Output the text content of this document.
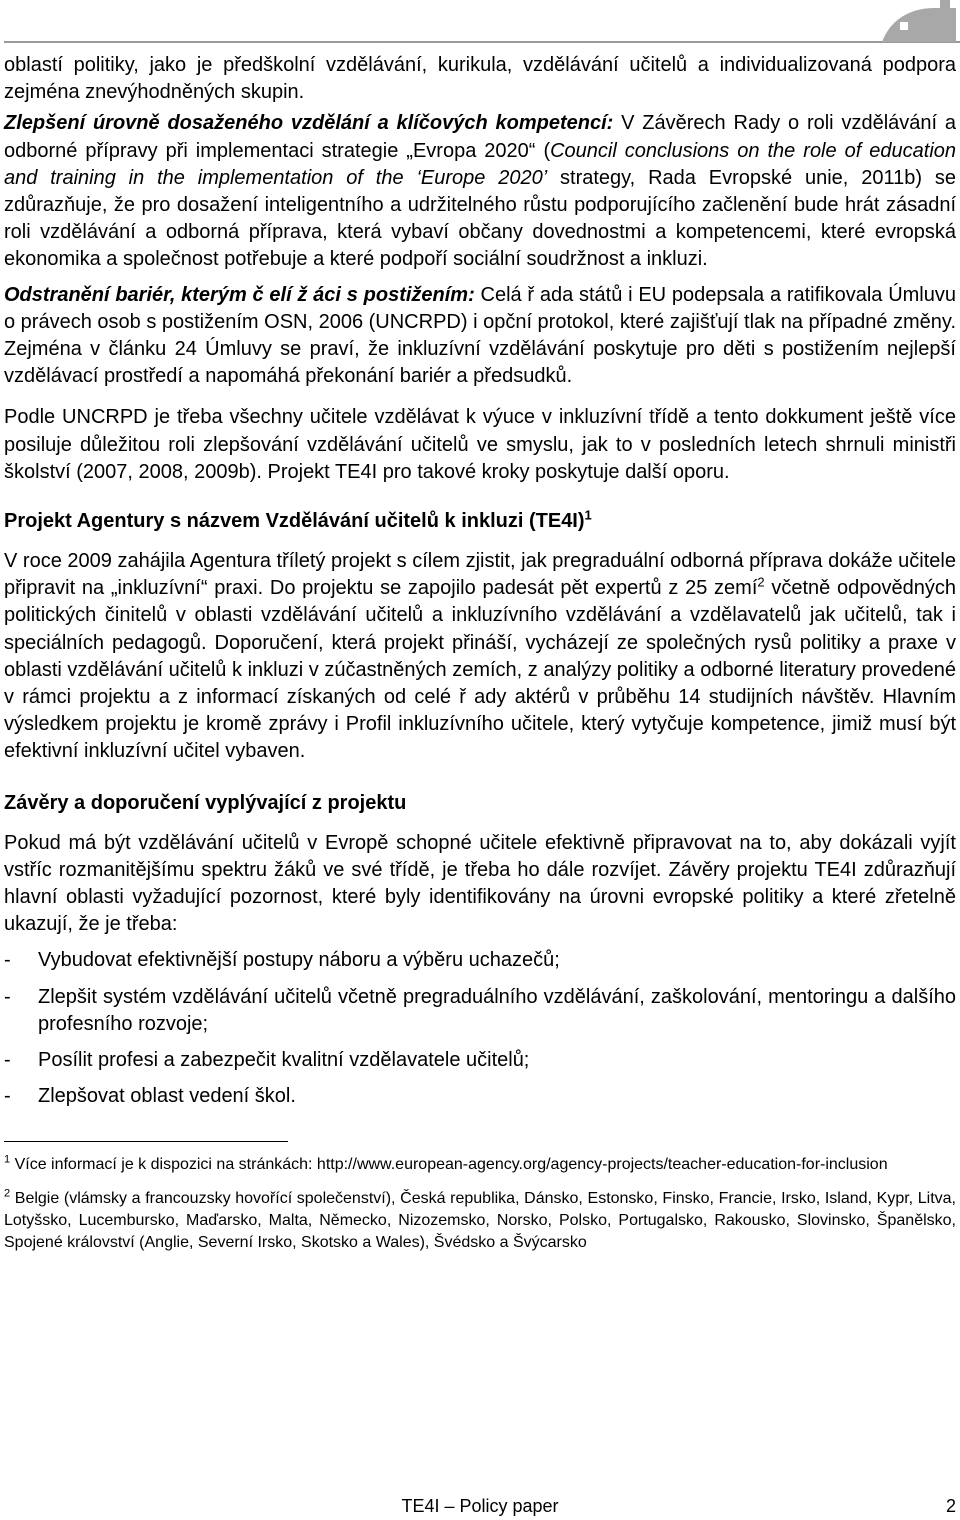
oblastí politiky, jako je předškolní vzdělávání, kurikula, vzdělávání učitelů a individualizovaná podpora zejména znevýhodněných skupin.

Zlepšení úrovně dosaženého vzdělání a klíčových kompetencí: V Závěrech Rady o roli vzdělávání a odborné přípravy při implementaci strategie „Evropa 2020“ (Council conclusions on the role of education and training in the implementation of the ‘Europe 2020’ strategy, Rada Evropské unie, 2011b) se zdůrazňuje, že pro dosažení inteligentního a udržitelného růstu podporujícího začlenění bude hrát zásadní roli vzdělávání a odborná příprava, která vybaví občany dovednostmi a kompetencemi, které evropská ekonomika a společnost potřebuje a které podpoří sociální soudržnost a inkluzi.

Odstranění bariér, kterým č elí ž áci s postižením: Celá ř ada států i EU podepsala a ratifikovala Úmluvu o právech osob s postižením OSN, 2006 (UNCRPD) i opční protokol, které zajišťují tlak na případné změny. Zejména v článku 24 Úmluvy se praví, že inkluzívní vzdělávání poskytuje pro děti s postižením nejlepší vzdělávací prostředí a napomáhá překonání bariér a předsudků.

Podle UNCRPD je třeba všechny učitele vzdělávat k výuce v inkluzívní třídě a tento dokkument ještě více posiluje důležitou roli zlepšování vzdělávání učitelů ve smyslu, jak to v posledních letech shrnuli ministři školství (2007, 2008, 2009b). Projekt TE4I pro takové kroky poskytuje další oporu.

Projekt Agentury s názvem Vzdělávání učitelů k inkluzi $(TE4I)^1$

V roce 2009 zahájila Agentura tříletý projekt s cílem zjistit, jak pregraduální odborná příprava dokáže učitele připravit na „inkluzívní“ praxi. Do projektu se zapojilo padesát pět expertů z 25 zemí$^2$ včetně odpovědných politických činitelů v oblasti vzdělávání učitelů a inkluzívního vzdělávání a vzdělavatelů jak učitelů, tak i speciálních pedagogů. Doporučení, která projekt přináší, vycházejí ze společných rysů politiky a praxe v oblasti vzdělávání učitelů k inkluzi v zúčastněných zemích, z analýzy politiky a odborné literatury provedené v rámci projektu a z informací získaných od celé ř ady aktérů v průběhu 14 studijních návštěv. Hlavním výsledkem projektu je kromě zprávy i Profil inkluzívního učitele, který vytyčuje kompetence, jimiž musí být efektivní inkluzívní učitel vybaven.

Závěry a doporučení vyplývající z projektu

Pokud má být vzdělávání učitelů v Evropě schopné učitele efektivně připravovat na to, aby dokázali vyjít vstříc rozmanitějšímu spektru žáků ve své třídě, je třeba ho dále rozvíjet. Závěry projektu TE4I zdůrazňují hlavní oblasti vyžadující pozornost, které byly identifikovány na úrovni evropské politiky a které zřetelně ukazují, že je třeba:

- Vybudovat efektivnější postupy náboru a výběru uchazečů;
- Zlepšit systém vzdělávání učitelů včetně pregraduálního vzdělávání, zaškolování, mentoringu a dalšího profesního rozvoje;
- Posílit profesi a zabezpečit kvalitní vzdělavatele učitelů;
- Zlepšovat oblast vedení škol.

$^1$ Více informací je k dispozici na stránkách: http://www.european-agency.org/agency-projects/teacher-education-for-inclusion

$^2$ Belgie (vlámsky a francouzsky hovořící společenství), Česká republika, Dánsko, Estonsko, Finsko, Francie, Irsko, Island, Kypr, Litva, Lotyšsko, Lucembursko, Maďarsko, Malta, Německo, Nizozemsko, Norsko, Polsko, Portugalsko, Rakousko, Slovinsko, Španělsko, Spojené království (Anglie, Severní Irsko, Skotsko a Wales), Švédsko a Švýcarsko

TE4I – Policy paper	2
